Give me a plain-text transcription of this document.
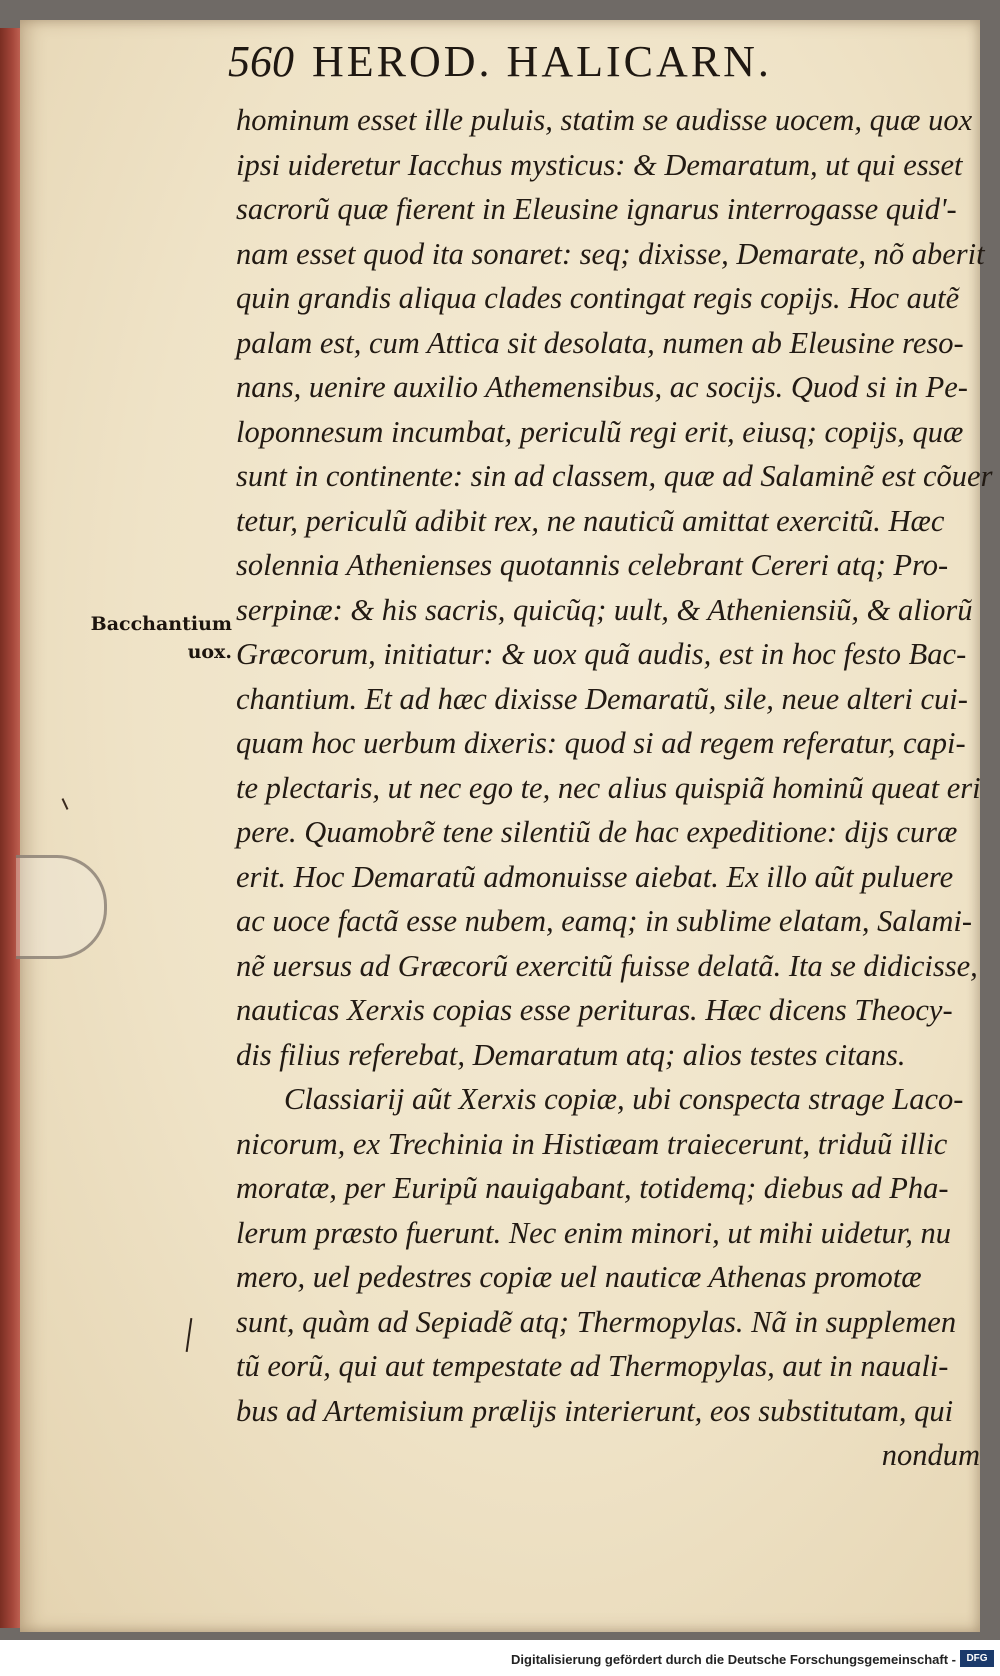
560 HEROD. HALICARN.
Bacchantium
uox.
hominum esset ille puluis, statim se audisse uocem, quæ uox
ipsi uideretur Iacchus mysticus: & Demaratum, ut qui esset
sacrorũ quæ fierent in Eleusine ignarus interrogasse quid'-
nam esset quod ita sonaret: seq; dixisse, Demarate, nõ aberit
quin grandis aliqua clades contingat regis copijs. Hoc autẽ
palam est, cum Attica sit desolata, numen ab Eleusine reso-
nans, uenire auxilio Athemensibus, ac socijs. Quod si in Pe-
loponnesum incumbat, periculũ regi erit, eiusq; copijs, quæ
sunt in continente: sin ad classem, quæ ad Salaminẽ est cõuer
tetur, periculũ adibit rex, ne nauticũ amittat exercitũ. Hæc
solennia Athenienses quotannis celebrant Cereri atq; Pro-
serpinæ: & his sacris, quicũq; uult, & Atheniensiũ, & aliorũ
Græcorum, initiatur: & uox quã audis, est in hoc festo Bac-
chantium. Et ad hæc dixisse Demaratũ, sile, neue alteri cui-
quam hoc uerbum dixeris: quod si ad regem referatur, capi-
te plectaris, ut nec ego te, nec alius quispiã hominũ queat eri
pere. Quamobrẽ tene silentiũ de hac expeditione: dijs curæ
erit. Hoc Demaratũ admonuisse aiebat. Ex illo aũt puluere
ac uoce factã esse nubem, eamq; in sublime elatam, Salami-
nẽ uersus ad Græcorũ exercitũ fuisse delatã. Ita se didicisse,
nauticas Xerxis copias esse perituras. Hæc dicens Theocy-
dis filius referebat, Demaratum atq; alios testes citans.
Classiarij aũt Xerxis copiæ, ubi conspecta strage Laco-
nicorum, ex Trechinia in Histiæam traiecerunt, triduũ illic
moratæ, per Euripũ nauigabant, totidemq; diebus ad Pha-
lerum præsto fuerunt. Nec enim minori, ut mihi uidetur, nu
mero, uel pedestres copiæ uel nauticæ Athenas promotæ
sunt, quàm ad Sepiadẽ atq; Thermopylas. Nã in supplemen
tũ eorũ, qui aut tempestate ad Thermopylas, aut in nauali-
bus ad Artemisium prælijs interierunt, eos substitutam, qui
nondum
Digitalisierung gefördert durch die Deutsche Forschungsgemeinschaft -	DFG
